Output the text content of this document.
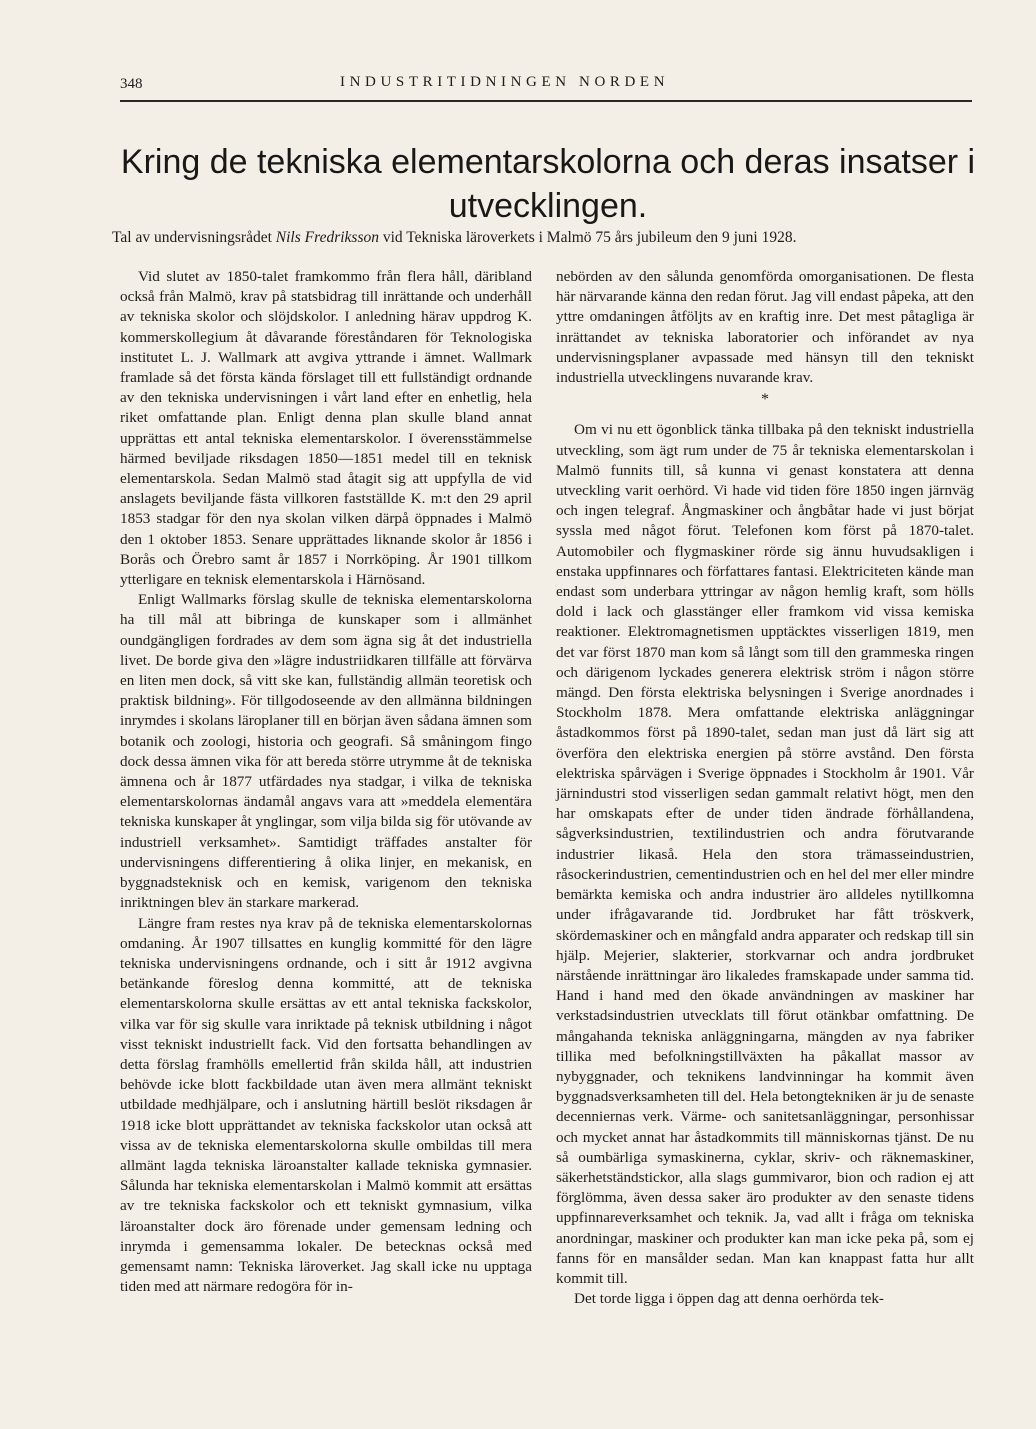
348	INDUSTRITIDNINGEN NORDEN
Kring de tekniska elementarskolorna och deras insatser i
utvecklingen.
Tal av undervisningsrådet Nils Fredriksson vid Tekniska läroverkets i Malmö 75 års jubileum den 9 juni 1928.

Vid slutet av 1850-talet framkommo från flera håll, däribland också från Malmö, krav på statsbidrag till inrättande och underhåll av tekniska skolor och slöjdskolor. I anledning härav uppdrog K. kommerskollegium åt dåvarande föreståndaren för Teknologiska institutet L. J. Wallmark att avgiva yttrande i ämnet. Wallmark framlade så det första kända förslaget till ett fullständigt ordnande av den tekniska undervisningen i vårt land efter en enhetlig, hela riket omfattande plan. Enligt denna plan skulle bland annat upprättas ett antal tekniska elementarskolor. I överensstämmelse härmed beviljade riksdagen 1850—1851 medel till en teknisk elementarskola. Sedan Malmö stad åtagit sig att uppfylla de vid anslagets beviljande fästa villkoren fastställde K. m:t den 29 april 1853 stadgar för den nya skolan vilken därpå öppnades i Malmö den 1 oktober 1853. Senare upprättades liknande skolor år 1856 i Borås och Örebro samt år 1857 i Norrköping. År 1901 tillkom ytterligare en teknisk elementarskola i Härnösand.

Enligt Wallmarks förslag skulle de tekniska elementarskolorna ha till mål att bibringa de kunskaper som i allmänhet oundgängligen fordrades av dem som ägna sig åt det industriella livet. De borde giva den »lägre industriidkaren tillfälle att förvärva en liten men dock, så vitt ske kan, fullständig allmän teoretisk och praktisk bildning». För tillgodoseende av den allmänna bildningen inrymdes i skolans läroplaner till en början även sådana ämnen som botanik och zoologi, historia och geografi. Så småningom fingo dock dessa ämnen vika för att bereda större utrymme åt de tekniska ämnena och år 1877 utfärdades nya stadgar, i vilka de tekniska elementarskolornas ändamål angavs vara att »meddela elementära tekniska kunskaper åt ynglingar, som vilja bilda sig för utövande av industriell verksamhet». Samtidigt träffades anstalter för undervisningens differentiering å olika linjer, en mekanisk, en byggnadsteknisk och en kemisk, varigenom den tekniska inriktningen blev än starkare markerad.

Längre fram restes nya krav på de tekniska elementarskolornas omdaning. År 1907 tillsattes en kunglig kommitté för den lägre tekniska undervisningens ordnande, och i sitt år 1912 avgivna betänkande föreslog denna kommitté, att de tekniska elementarskolorna skulle ersättas av ett antal tekniska fackskolor, vilka var för sig skulle vara inriktade på teknisk utbildning i något visst tekniskt industriellt fack. Vid den fortsatta behandlingen av detta förslag framhölls emellertid från skilda håll, att industrien behövde icke blott fackbildade utan även mera allmänt tekniskt utbildade medhjälpare, och i anslutning härtill beslöt riksdagen år 1918 icke blott upprättandet av tekniska fackskolor utan också att vissa av de tekniska elementarskolorna skulle ombildas till mera allmänt lagda tekniska läroanstalter kallade tekniska gymnasier. Sålunda har tekniska elementarskolan i Malmö kommit att ersättas av tre tekniska fackskolor och ett tekniskt gymnasium, vilka läroanstalter dock äro förenade under gemensam ledning och inrymda i gemensamma lokaler. De betecknas också med gemensamt namn: Tekniska läroverket. Jag skall icke nu upptaga tiden med att närmare redogöra för in-

nebörden av den sålunda genomförda omorganisationen. De flesta här närvarande känna den redan förut. Jag vill endast påpeka, att den yttre omdaningen åtföljts av en kraftig inre. Det mest påtagliga är inrättandet av tekniska laboratorier och införandet av nya undervisningsplaner avpassade med hänsyn till den tekniskt industriella utvecklingens nuvarande krav.

*

Om vi nu ett ögonblick tänka tillbaka på den tekniskt industriella utveckling, som ägt rum under de 75 år tekniska elementarskolan i Malmö funnits till, så kunna vi genast konstatera att denna utveckling varit oerhörd. Vi hade vid tiden före 1850 ingen järnväg och ingen telegraf. Ångmaskiner och ångbåtar hade vi just börjat syssla med något förut. Telefonen kom först på 1870-talet. Automobiler och flygmaskiner rörde sig ännu huvudsakligen i enstaka uppfinnares och författares fantasi. Elektriciteten kände man endast som underbara yttringar av någon hemlig kraft, som hölls dold i lack och glasstänger eller framkom vid vissa kemiska reaktioner. Elektromagnetismen upptäcktes visserligen 1819, men det var först 1870 man kom så långt som till den grammeska ringen och därigenom lyckades generera elektrisk ström i någon större mängd. Den första elektriska belysningen i Sverige anordnades i Stockholm 1878. Mera omfattande elektriska anläggningar åstadkommos först på 1890-talet, sedan man just då lärt sig att överföra den elektriska energien på större avstånd. Den första elektriska spårvägen i Sverige öppnades i Stockholm år 1901. Vår järnindustri stod visserligen sedan gammalt relativt högt, men den har omskapats efter de under tiden ändrade förhållandena, sågverksindustrien, textilindustrien och andra förutvarande industrier likaså. Hela den stora trämasseindustrien, råsockerindustrien, cementindustrien och en hel del mer eller mindre bemärkta kemiska och andra industrier äro alldeles nytillkomna under ifrågavarande tid. Jordbruket har fått tröskverk, skördemaskiner och en mångfald andra apparater och redskap till sin hjälp. Mejerier, slakterier, storkvarnar och andra jordbruket närstående inrättningar äro likaledes framskapade under samma tid. Hand i hand med den ökade användningen av maskiner har verkstadsindustrien utvecklats till förut otänkbar omfattning. De mångahanda tekniska anläggningarna, mängden av nya fabriker tillika med befolkningstillväxten ha påkallat massor av nybyggnader, och teknikens landvinningar ha kommit även byggnadsverksamheten till del. Hela betongtekniken är ju de senaste decenniernas verk. Värme- och sanitetsanläggningar, personhissar och mycket annat har åstadkommits till människornas tjänst. De nu så oumbärliga symaskinerna, cyklar, skriv- och räknemaskiner, säkerhetständstickor, alla slags gummivaror, bion och radion ej att förglömma, även dessa saker äro produkter av den senaste tidens uppfinnareverksamhet och teknik. Ja, vad allt i fråga om tekniska anordningar, maskiner och produkter kan man icke peka på, som ej fanns för en mansålder sedan. Man kan knappast fatta hur allt kommit till.

Det torde ligga i öppen dag att denna oerhörda tek-
